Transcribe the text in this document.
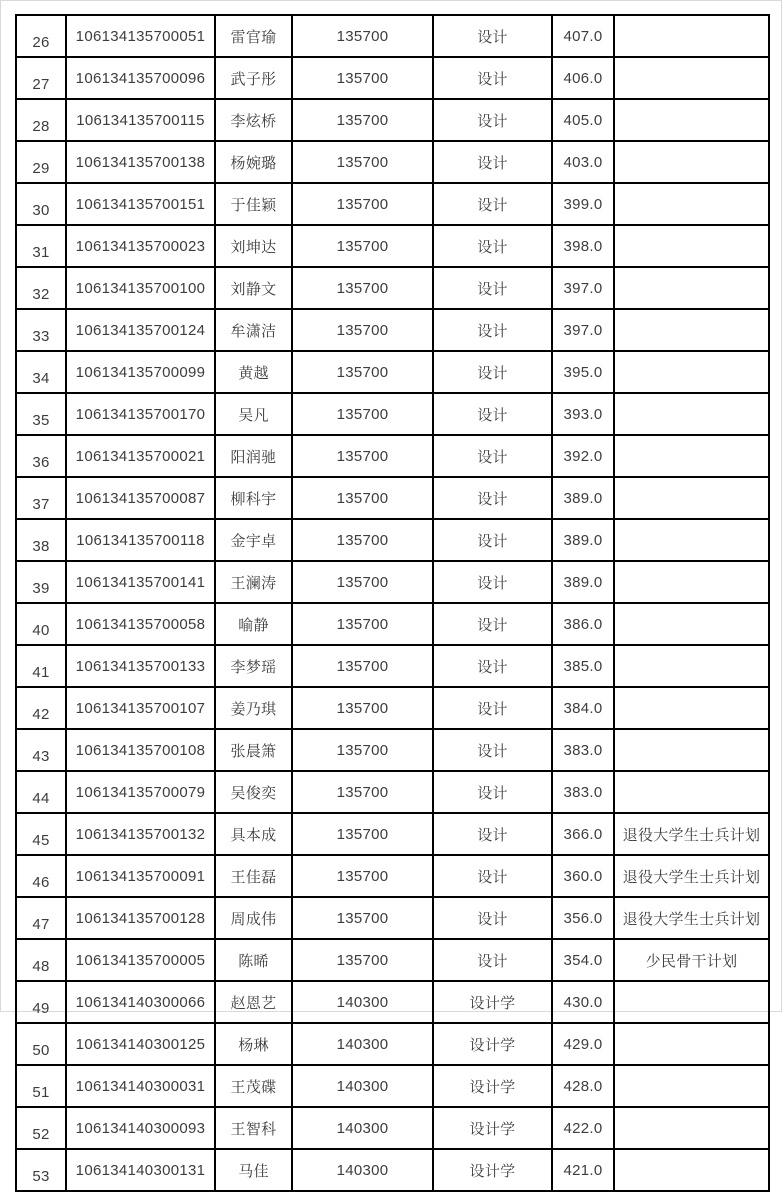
26	106134135700051	雷官瑜	135700	设计	407.0	
27	106134135700096	武子彤	135700	设计	406.0	
28	106134135700115	李炫桥	135700	设计	405.0	
29	106134135700138	杨婉璐	135700	设计	403.0	
30	106134135700151	于佳颖	135700	设计	399.0	
31	106134135700023	刘坤达	135700	设计	398.0	
32	106134135700100	刘静文	135700	设计	397.0	
33	106134135700124	牟潇洁	135700	设计	397.0	
34	106134135700099	黄越	135700	设计	395.0	
35	106134135700170	吴凡	135700	设计	393.0	
36	106134135700021	阳润驰	135700	设计	392.0	
37	106134135700087	柳科宇	135700	设计	389.0	
38	106134135700118	金宇卓	135700	设计	389.0	
39	106134135700141	王澜涛	135700	设计	389.0	
40	106134135700058	喻静	135700	设计	386.0	
41	106134135700133	李梦瑶	135700	设计	385.0	
42	106134135700107	姜乃琪	135700	设计	384.0	
43	106134135700108	张晨箫	135700	设计	383.0	
44	106134135700079	吴俊奕	135700	设计	383.0	
45	106134135700132	具本成	135700	设计	366.0	退役大学生士兵计划
46	106134135700091	王佳磊	135700	设计	360.0	退役大学生士兵计划
47	106134135700128	周成伟	135700	设计	356.0	退役大学生士兵计划
48	106134135700005	陈晞	135700	设计	354.0	少民骨干计划
49	106134140300066	赵恩艺	140300	设计学	430.0	
50	106134140300125	杨琳	140300	设计学	429.0	
51	106134140300031	王茂碟	140300	设计学	428.0	
52	106134140300093	王智科	140300	设计学	422.0	
53	106134140300131	马佳	140300	设计学	421.0	
